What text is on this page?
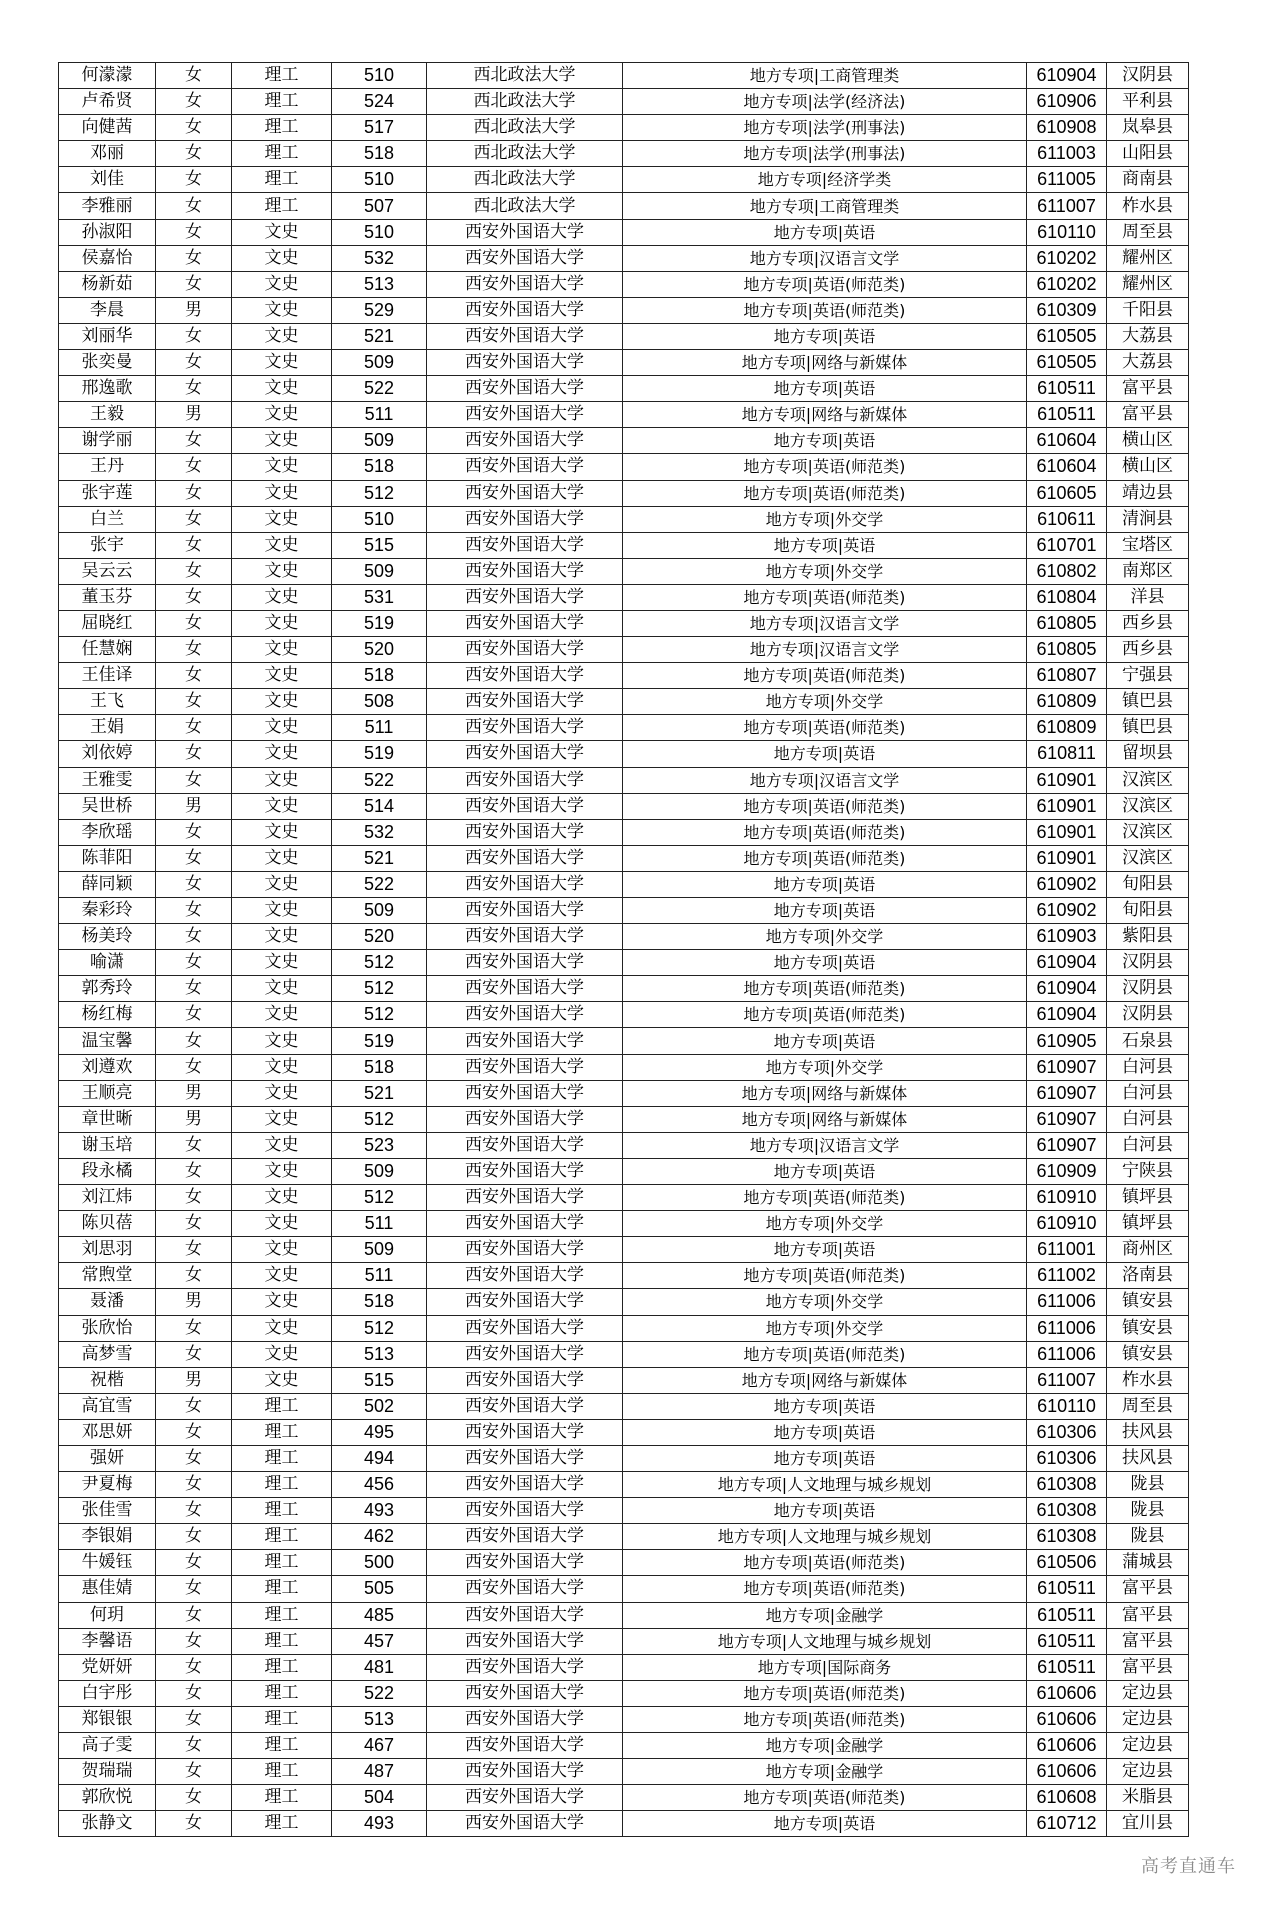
何濛濛	女	理工	510	西北政法大学	地方专项|工商管理类	610904	汉阴县
卢希贤	女	理工	524	西北政法大学	地方专项|法学(经济法)	610906	平利县
向健茜	女	理工	517	西北政法大学	地方专项|法学(刑事法)	610908	岚皋县
邓丽	女	理工	518	西北政法大学	地方专项|法学(刑事法)	611003	山阳县
刘佳	女	理工	510	西北政法大学	地方专项|经济学类	611005	商南县
李雅丽	女	理工	507	西北政法大学	地方专项|工商管理类	611007	柞水县
孙淑阳	女	文史	510	西安外国语大学	地方专项|英语	610110	周至县
侯嘉怡	女	文史	532	西安外国语大学	地方专项|汉语言文学	610202	耀州区
杨新茹	女	文史	513	西安外国语大学	地方专项|英语(师范类)	610202	耀州区
李晨	男	文史	529	西安外国语大学	地方专项|英语(师范类)	610309	千阳县
刘丽华	女	文史	521	西安外国语大学	地方专项|英语	610505	大荔县
张奕曼	女	文史	509	西安外国语大学	地方专项|网络与新媒体	610505	大荔县
邢逸歌	女	文史	522	西安外国语大学	地方专项|英语	610511	富平县
王毅	男	文史	511	西安外国语大学	地方专项|网络与新媒体	610511	富平县
谢学丽	女	文史	509	西安外国语大学	地方专项|英语	610604	横山区
王丹	女	文史	518	西安外国语大学	地方专项|英语(师范类)	610604	横山区
张宇莲	女	文史	512	西安外国语大学	地方专项|英语(师范类)	610605	靖边县
白兰	女	文史	510	西安外国语大学	地方专项|外交学	610611	清涧县
张宇	女	文史	515	西安外国语大学	地方专项|英语	610701	宝塔区
吴云云	女	文史	509	西安外国语大学	地方专项|外交学	610802	南郑区
董玉芬	女	文史	531	西安外国语大学	地方专项|英语(师范类)	610804	洋县
屈晓红	女	文史	519	西安外国语大学	地方专项|汉语言文学	610805	西乡县
任慧娴	女	文史	520	西安外国语大学	地方专项|汉语言文学	610805	西乡县
王佳译	女	文史	518	西安外国语大学	地方专项|英语(师范类)	610807	宁强县
王飞	女	文史	508	西安外国语大学	地方专项|外交学	610809	镇巴县
王娟	女	文史	511	西安外国语大学	地方专项|英语(师范类)	610809	镇巴县
刘依婷	女	文史	519	西安外国语大学	地方专项|英语	610811	留坝县
王雅雯	女	文史	522	西安外国语大学	地方专项|汉语言文学	610901	汉滨区
吴世桥	男	文史	514	西安外国语大学	地方专项|英语(师范类)	610901	汉滨区
李欣瑶	女	文史	532	西安外国语大学	地方专项|英语(师范类)	610901	汉滨区
陈菲阳	女	文史	521	西安外国语大学	地方专项|英语(师范类)	610901	汉滨区
薛同颖	女	文史	522	西安外国语大学	地方专项|英语	610902	旬阳县
秦彩玲	女	文史	509	西安外国语大学	地方专项|英语	610902	旬阳县
杨美玲	女	文史	520	西安外国语大学	地方专项|外交学	610903	紫阳县
喻潇	女	文史	512	西安外国语大学	地方专项|英语	610904	汉阴县
郭秀玲	女	文史	512	西安外国语大学	地方专项|英语(师范类)	610904	汉阴县
杨红梅	女	文史	512	西安外国语大学	地方专项|英语(师范类)	610904	汉阴县
温宝馨	女	文史	519	西安外国语大学	地方专项|英语	610905	石泉县
刘遵欢	女	文史	518	西安外国语大学	地方专项|外交学	610907	白河县
王顺亮	男	文史	521	西安外国语大学	地方专项|网络与新媒体	610907	白河县
章世晰	男	文史	512	西安外国语大学	地方专项|网络与新媒体	610907	白河县
谢玉培	女	文史	523	西安外国语大学	地方专项|汉语言文学	610907	白河县
段永橘	女	文史	509	西安外国语大学	地方专项|英语	610909	宁陕县
刘江炜	女	文史	512	西安外国语大学	地方专项|英语(师范类)	610910	镇坪县
陈贝蓓	女	文史	511	西安外国语大学	地方专项|外交学	610910	镇坪县
刘思羽	女	文史	509	西安外国语大学	地方专项|英语	611001	商州区
常煦堂	女	文史	511	西安外国语大学	地方专项|英语(师范类)	611002	洛南县
聂潘	男	文史	518	西安外国语大学	地方专项|外交学	611006	镇安县
张欣怡	女	文史	512	西安外国语大学	地方专项|外交学	611006	镇安县
高梦雪	女	文史	513	西安外国语大学	地方专项|英语(师范类)	611006	镇安县
祝楷	男	文史	515	西安外国语大学	地方专项|网络与新媒体	611007	柞水县
高宜雪	女	理工	502	西安外国语大学	地方专项|英语	610110	周至县
邓思妍	女	理工	495	西安外国语大学	地方专项|英语	610306	扶风县
强妍	女	理工	494	西安外国语大学	地方专项|英语	610306	扶风县
尹夏梅	女	理工	456	西安外国语大学	地方专项|人文地理与城乡规划	610308	陇县
张佳雪	女	理工	493	西安外国语大学	地方专项|英语	610308	陇县
李银娟	女	理工	462	西安外国语大学	地方专项|人文地理与城乡规划	610308	陇县
牛媛钰	女	理工	500	西安外国语大学	地方专项|英语(师范类)	610506	蒲城县
惠佳婧	女	理工	505	西安外国语大学	地方专项|英语(师范类)	610511	富平县
何玥	女	理工	485	西安外国语大学	地方专项|金融学	610511	富平县
李馨语	女	理工	457	西安外国语大学	地方专项|人文地理与城乡规划	610511	富平县
党妍妍	女	理工	481	西安外国语大学	地方专项|国际商务	610511	富平县
白宇彤	女	理工	522	西安外国语大学	地方专项|英语(师范类)	610606	定边县
郑银银	女	理工	513	西安外国语大学	地方专项|英语(师范类)	610606	定边县
高子雯	女	理工	467	西安外国语大学	地方专项|金融学	610606	定边县
贺瑞瑞	女	理工	487	西安外国语大学	地方专项|金融学	610606	定边县
郭欣悦	女	理工	504	西安外国语大学	地方专项|英语(师范类)	610608	米脂县
张静文	女	理工	493	西安外国语大学	地方专项|英语	610712	宜川县
高考直通车
